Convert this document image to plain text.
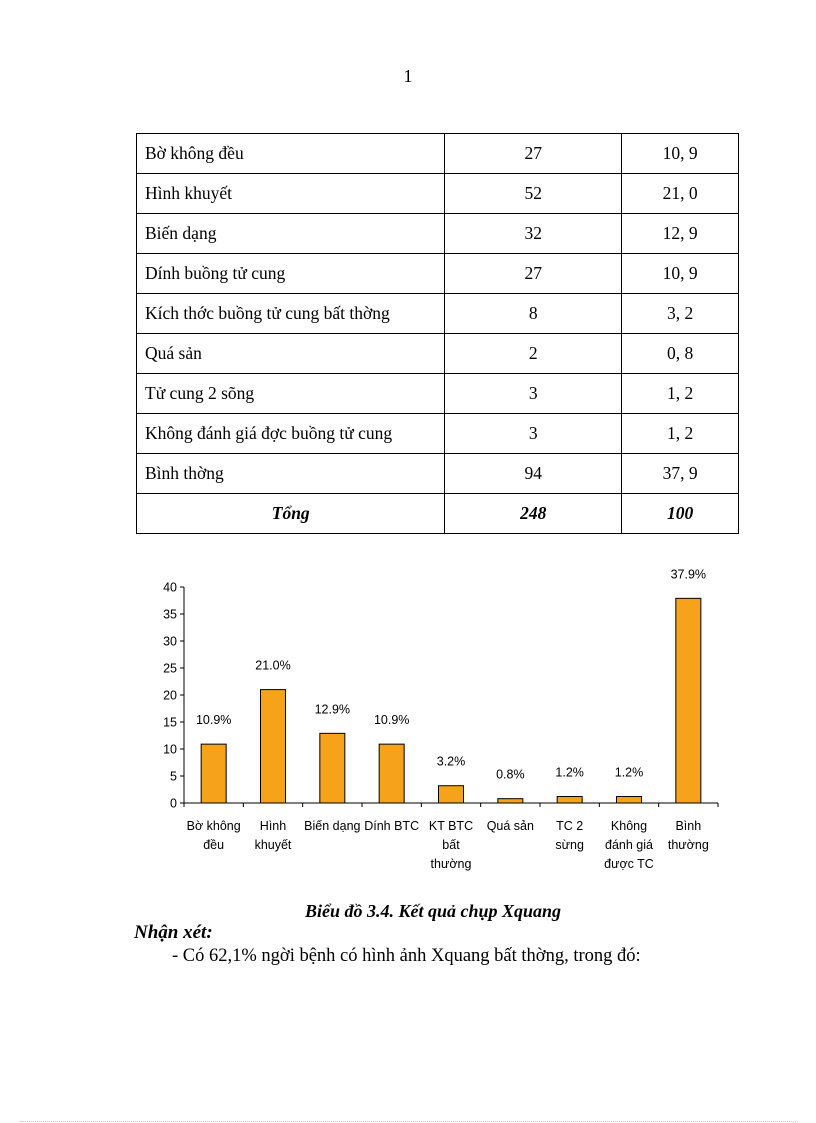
1
Bờ không đều	27	10, 9
Hình khuyết	52	21, 0
Biến dạng	32	12, 9
Dính buồng tử cung	27	10, 9
Kích thớc buồng tử cung bất thờng	8	3, 2
Quá sản	2	0, 8
Tử cung 2 sõng	3	1, 2
Không đánh giá đợc buồng tử cung	3	1, 2
Bình thờng	94	37, 9
Tổng	248	100
0
5
10
15
20
25
30
35
40
10.9%
Bờ không
đều
21.0%
Hình
khuyết
12.9%
Biến dạng
10.9%
Dính BTC
3.2%
KT BTC
bất
thường
0.8%
Quá sản
1.2%
TC 2
sừng
1.2%
Không
đánh giá
được TC
37.9%
Bình
thường
Biểu đồ 3.4. Kết quả chụp Xquang
Nhận xét:
- Có 62,1% ngời bệnh có hình ảnh Xquang bất thờng, trong đó:
